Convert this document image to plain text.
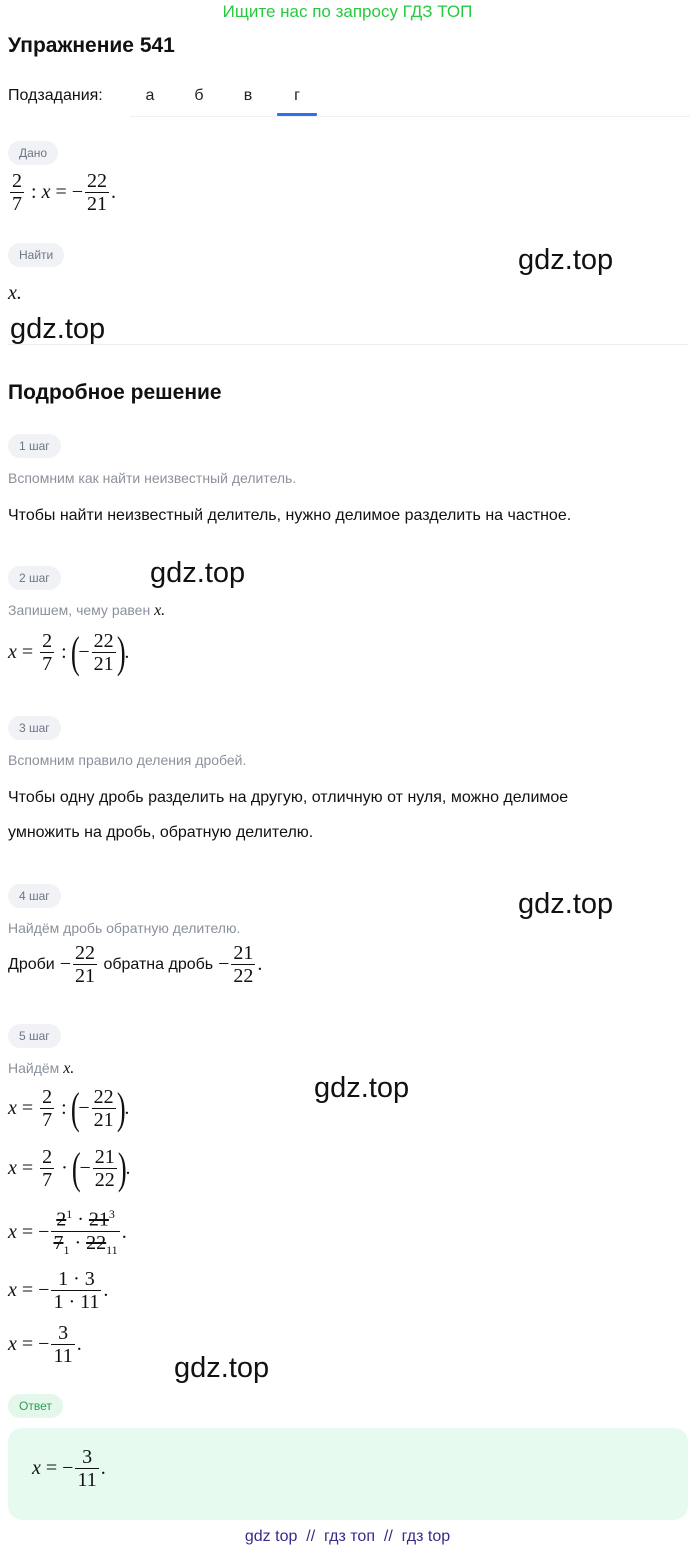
Ищите нас по запросу ГДЗ ТОП
Упражнение 541
Подзадания:	а	б	в	г
Дано
$\frac{2}{7}$ : x = − $\frac{22}{21}$ .
Найти
x.
Подробное решение
1 шаг
Вспомним как найти неизвестный делитель.
Чтобы найти неизвестный делитель, нужно делимое разделить на частное.
2 шаг
Запишем, чему равен x.
$x = \frac{2}{7}$ :
(
− $\frac{22}{21}$ )
.
3 шаг
Вспомним правило деления дробей.
Чтобы одну дробь разделить на другую, отличную от нуля, можно делимое
умножить на дробь, обратную делителю.
4 шаг
Найдём дробь обратную делителю.
Дроби − $\frac{22}{21}$
обратна дробь − $\frac{21}{22}$ .
5 шаг
Найдём x.
$x = \frac{2}{7}$ :
(
− $\frac{22}{21}$ )
.
$x = \frac{2}{7}$ ·
(
− $\frac{21}{22}$ )
.
x = − $\frac{2^1 \cdot 21^3}{7_1 \cdot 22_{11}}$ .
x = − $\frac{1 \cdot 3}{1 \cdot 11}$ .
x = − $\frac{3}{11}$ .
Ответ
x = − $\frac{3}{11}$ .
gdz.top
gdz.top
gdz.top
gdz.top
gdz.top
gdz.top
gdz top  //  гдз топ  //  гдз top
